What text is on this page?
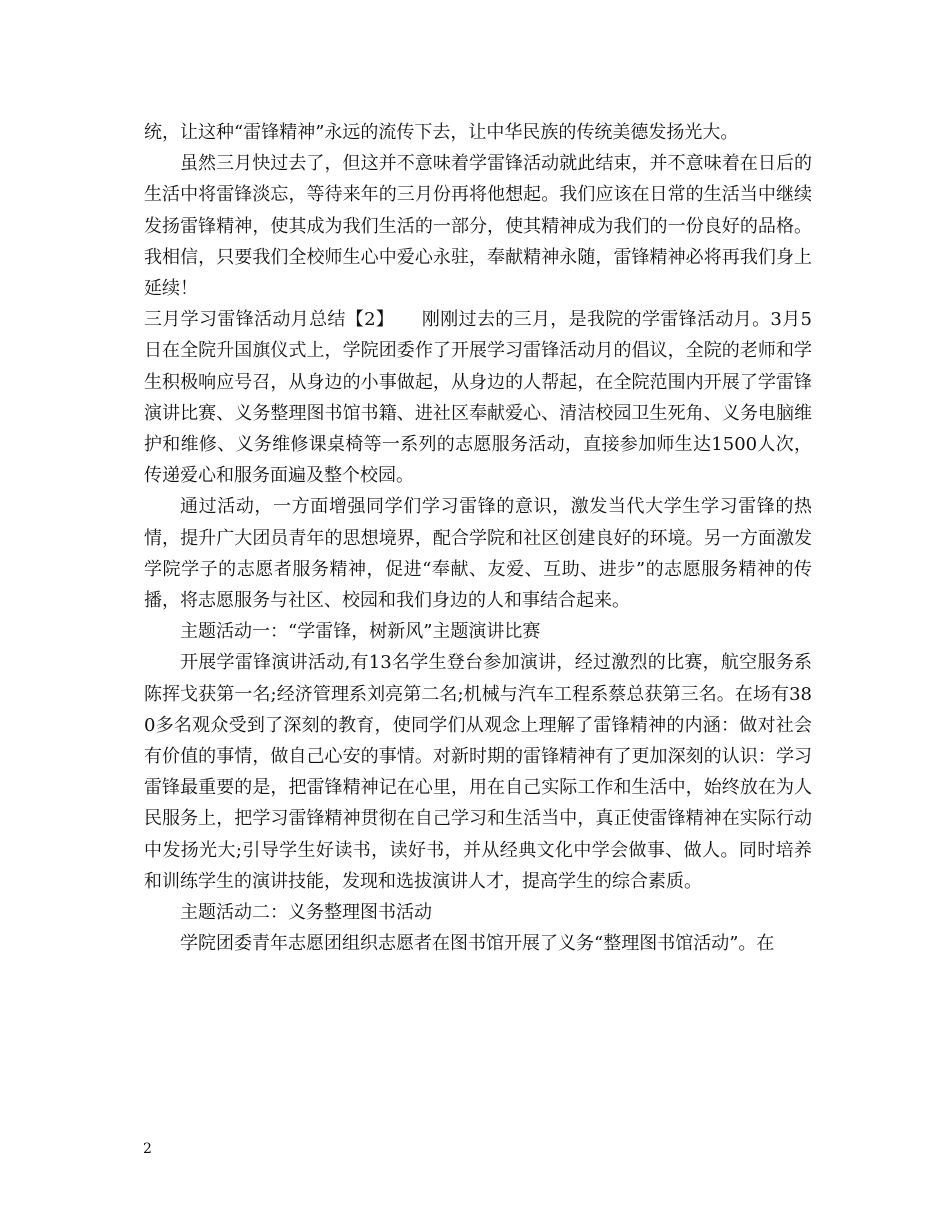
统，让这种“雷锋精神”永远的流传下去，让中华民族的传统美德发扬光大。

虽然三月快过去了，但这并不意味着学雷锋活动就此结束，并不意味着在日后的生活中将雷锋淡忘，等待来年的三月份再将他想起。我们应该在日常的生活当中继续发扬雷锋精神，使其成为我们生活的一部分，使其精神成为我们的一份良好的品格。我相信，只要我们全校师生心中爱心永驻，奉献精神永随，雷锋精神必将再我们身上延续！

三月学习雷锋活动月总结【2】　　刚刚过去的三月，是我院的学雷锋活动月。3月5日在全院升国旗仪式上，学院团委作了开展学习雷锋活动月的倡议，全院的老师和学生积极响应号召，从身边的小事做起，从身边的人帮起，在全院范围内开展了学雷锋演讲比赛、义务整理图书馆书籍、进社区奉献爱心、清洁校园卫生死角、义务电脑维护和维修、义务维修课桌椅等一系列的志愿服务活动，直接参加师生达1500人次，传递爱心和服务面遍及整个校园。

通过活动，一方面增强同学们学习雷锋的意识，激发当代大学生学习雷锋的热情，提升广大团员青年的思想境界，配合学院和社区创建良好的环境。另一方面激发学院学子的志愿者服务精神，促进“奉献、友爱、互助、进步”的志愿服务精神的传播，将志愿服务与社区、校园和我们身边的人和事结合起来。

主题活动一：“学雷锋，树新风”主题演讲比赛

开展学雷锋演讲活动,有13名学生登台参加演讲，经过激烈的比赛，航空服务系陈挥戈获第一名;经济管理系刘亮第二名;机械与汽车工程系蔡总获第三名。在场有380多名观众受到了深刻的教育，使同学们从观念上理解了雷锋精神的内涵：做对社会有价值的事情，做自己心安的事情。对新时期的雷锋精神有了更加深刻的认识：学习雷锋最重要的是，把雷锋精神记在心里，用在自己实际工作和生活中，始终放在为人民服务上，把学习雷锋精神贯彻在自己学习和生活当中，真正使雷锋精神在实际行动中发扬光大;引导学生好读书，读好书，并从经典文化中学会做事、做人。同时培养和训练学生的演讲技能，发现和选拔演讲人才，提高学生的综合素质。

主题活动二：义务整理图书活动

学院团委青年志愿团组织志愿者在图书馆开展了义务“整理图书馆活动”。在

2
